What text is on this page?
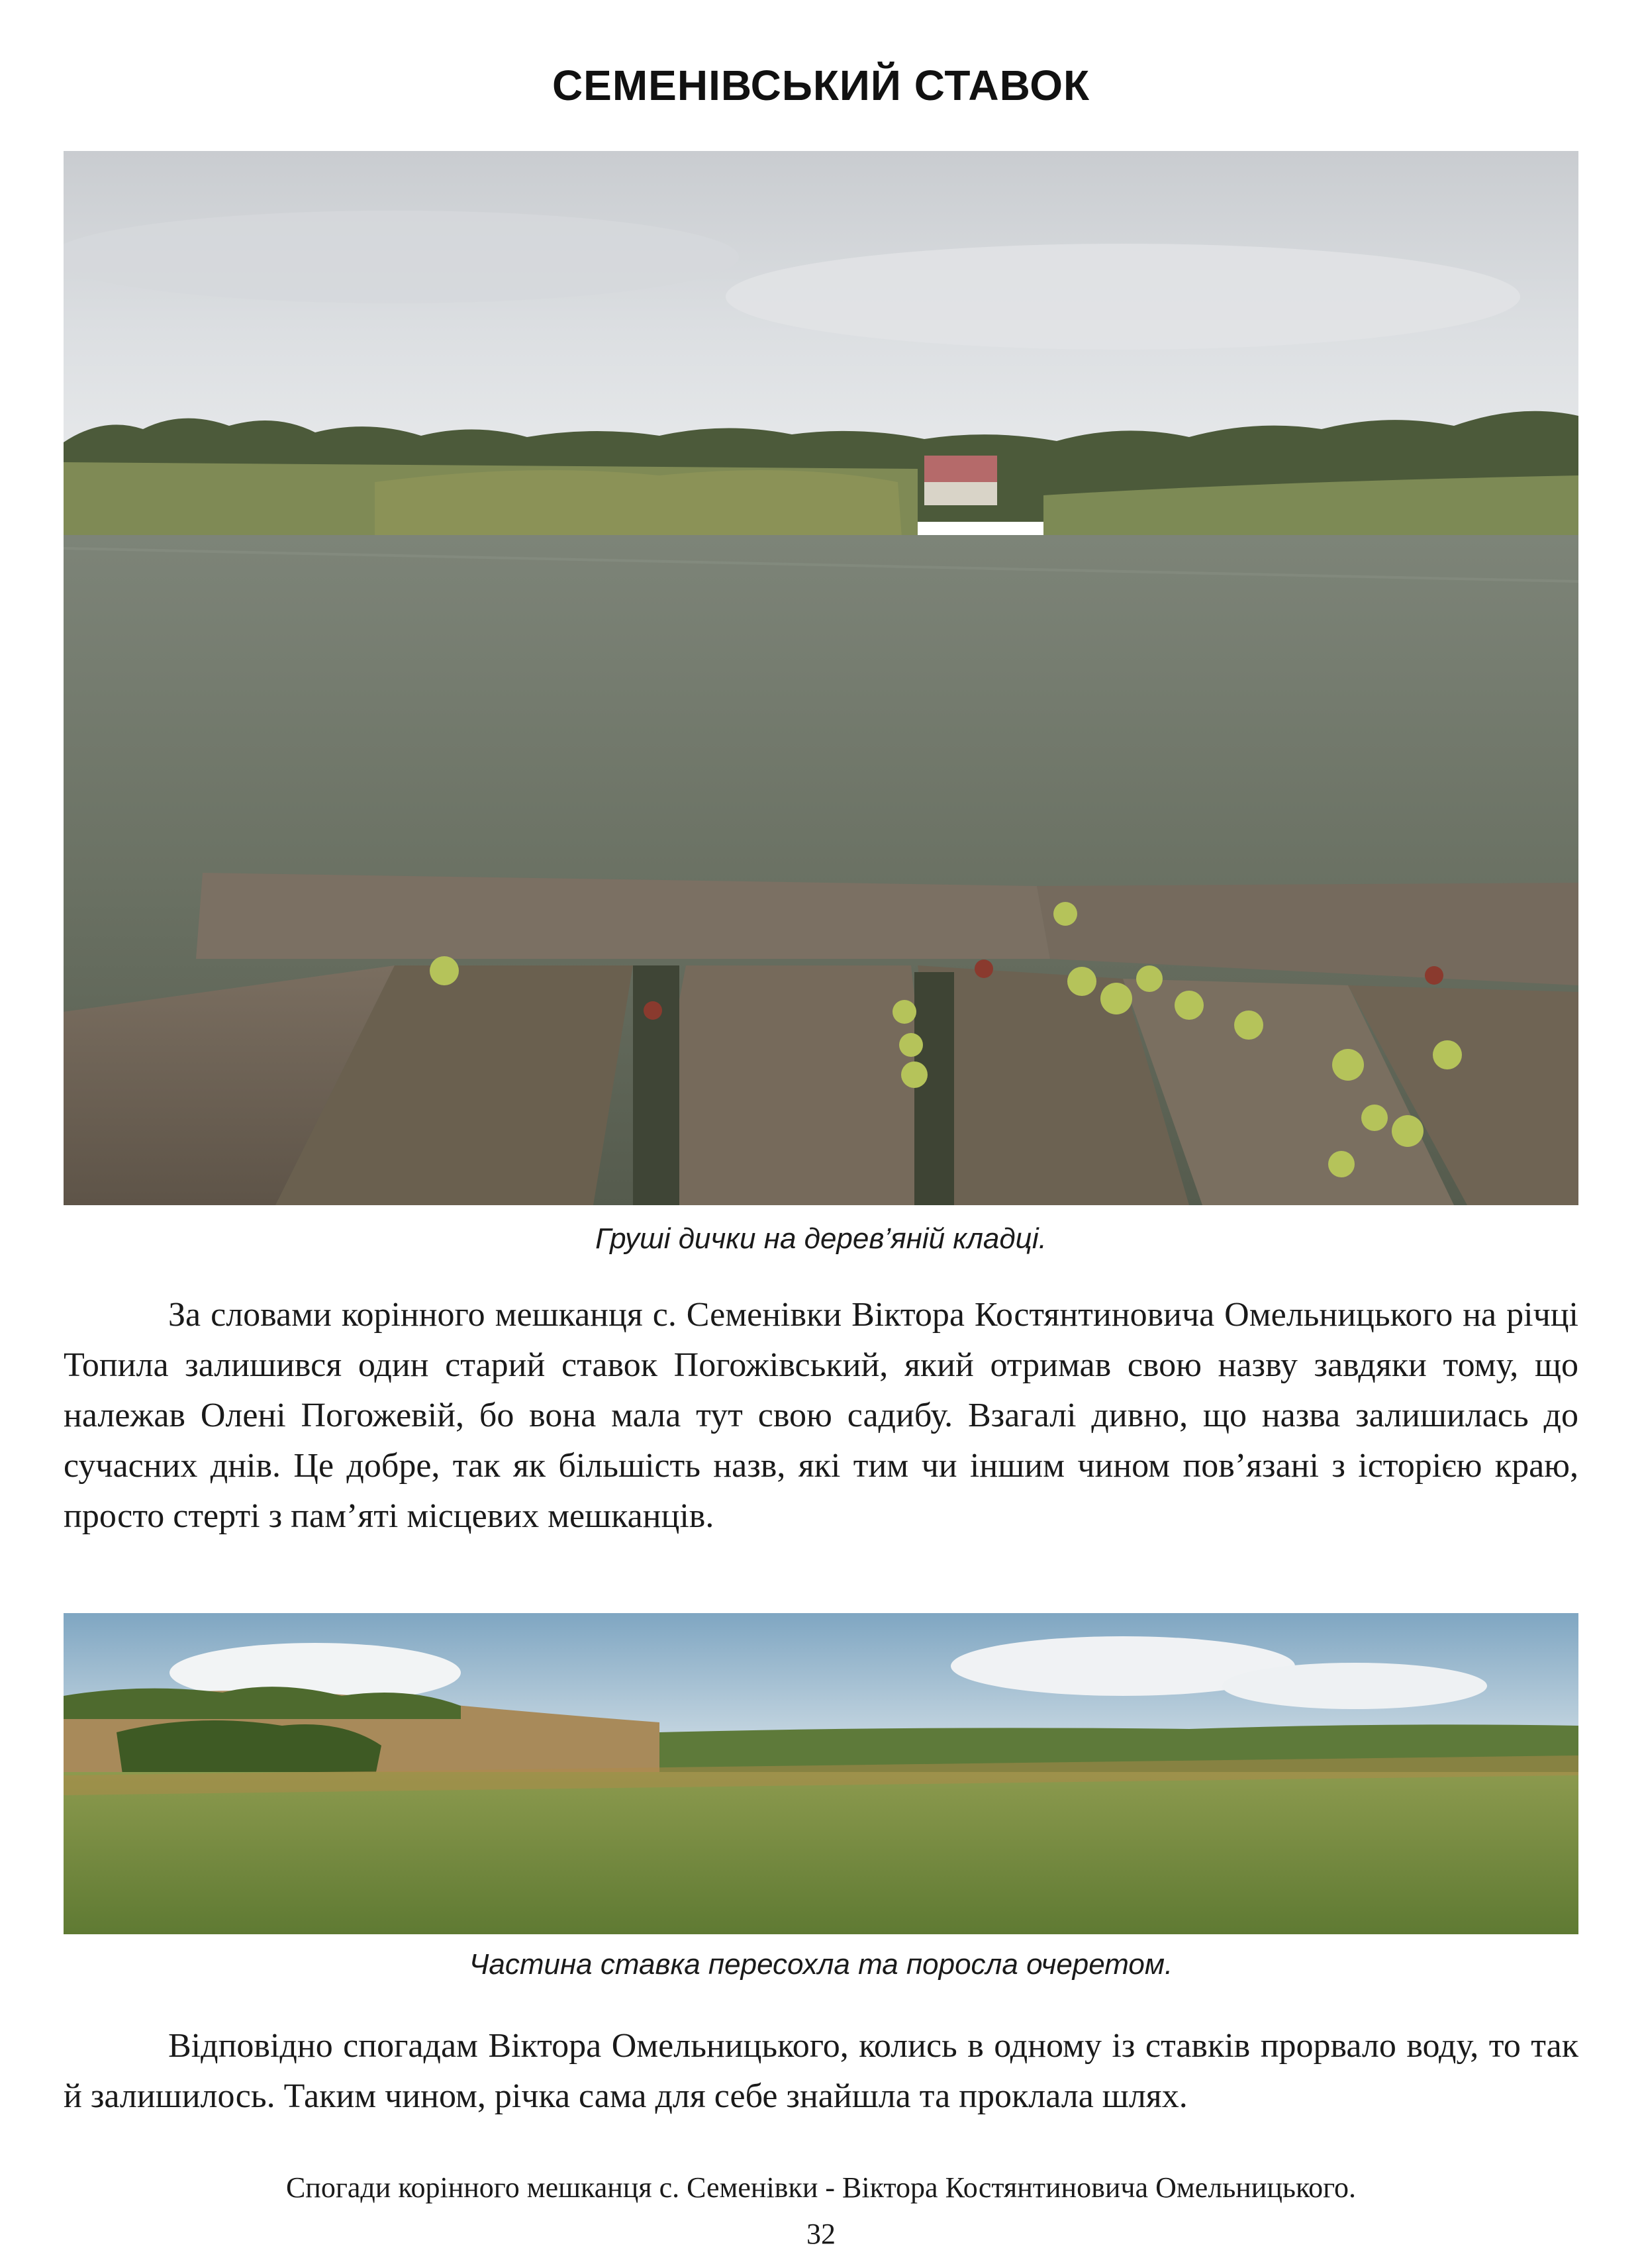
СЕМЕНІВСЬКИЙ СТАВОК
Груші дички на дерев’яній кладці.

За словами корінного мешканця с. Семенівки Віктора Костянтиновича Омельницького на річці Топила залишився один старий ставок Погожівський, який отримав свою назву завдяки тому, що належав Олені Погожевій, бо вона мала тут свою садибу. Взагалі дивно, що назва залишилась до сучасних днів. Це добре, так як більшість назв, які тим чи іншим чином пов’язані з історією краю, просто стерті з пам’яті місцевих мешканців.

Частина ставка пересохла та поросла очеретом.

Відповідно спогадам Віктора Омельницького, колись в одному із ставків прорвало воду, то так й залишилось. Таким чином, річка сама для себе знайшла та проклала шлях.

Спогади корінного мешканця с. Семенівки - Віктора Костянтиновича Омельницького.
32
